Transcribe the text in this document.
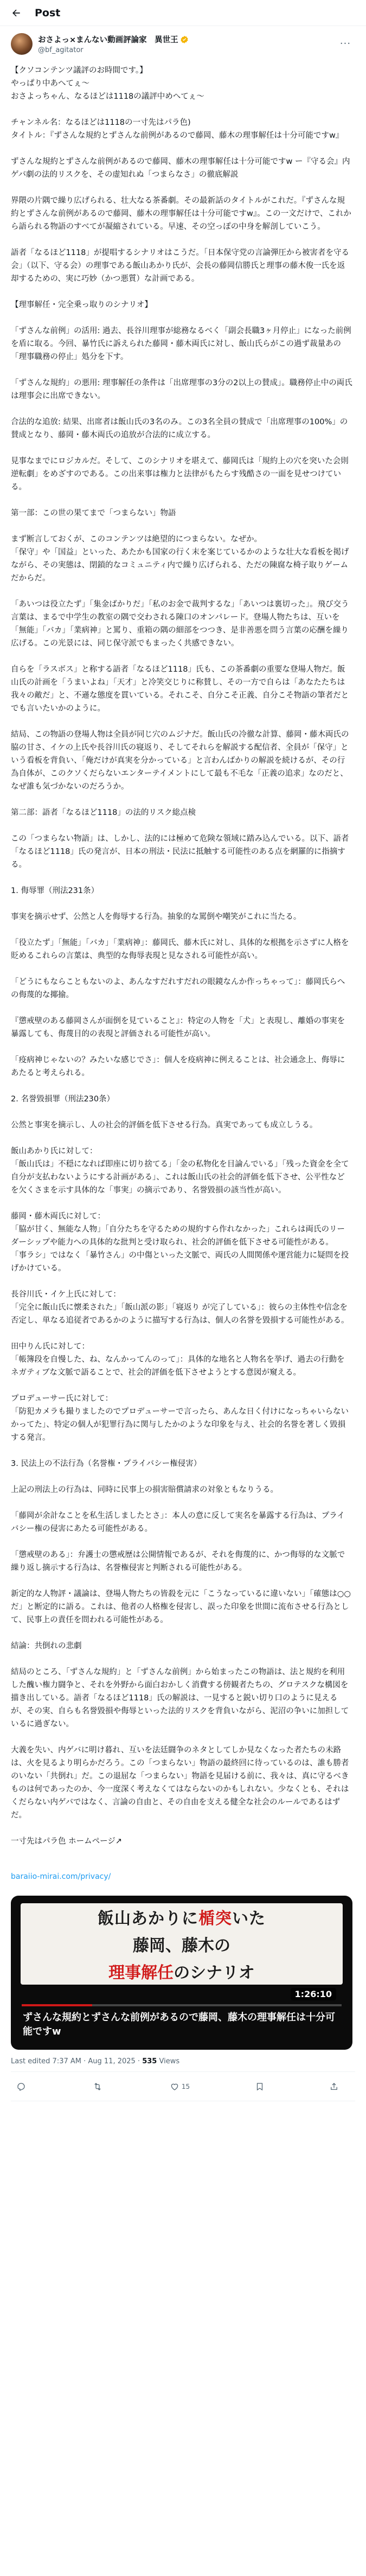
Post
おさよっ×まんない動画評論家　異世王
@bf_agitator
···
【クソコンテンツ議評のお時間です。】
やっぱり中あへてぇ〜
おさよっちゃん、なるほどは1118の議評中めへてぇ〜

チャンネル名：なるほどは1118の一寸先はパラ色)
タイトル：『ずさんな規約とずさんな前例があるので藤岡、藤木の理事解任は十分可能ですw』

ずさんな規約とずさんな前例があるので藤岡、藤木の理事解任は十分可能ですw ー『守る会』内ゲバ劇の法的リスクを、その虚知れぬ「つまらなさ」の徹底解説

界隈の片隅で繰り広げられる、壮大なる茶番劇。その最新話のタイトルがこれだ。『ずさんな規約とずさんな前例があるので藤岡、藤木の理事解任は十分可能ですw』。この一文だけで、これから語られる物語のすべてが凝縮されている。早速、その空っぽの中身を解剖していこう。

語者「なるほど1118」が提唱するシナリオはこうだ。「日本保守党の言論弾圧から被害者を守る会」（以下、守る会）の理事である飯山あかり氏が、会長の藤岡信勝氏と理事の藤木俊一氏を返却するための、実に巧妙（かつ悪質）な計画である。

【理事解任・完全乗っ取りのシナリオ】

「ずさんな前例」の活用: 過去、長谷川理事が総務なるべく「副会長職3ヶ月停止」になった前例を盾に取る。今回、暴竹氏に訴えられた藤岡・藤木両氏に対し、飯山氏らがこの過ず裁量あの「理事職務の停止」処分を下す。

「ずさんな規約」の悪用: 理事解任の条件は「出席理事の3分の2以上の賛成」。職務停止中の両氏は理事会に出席できない。

合法的な追放: 結果、出席者は飯山氏の3名のみ。この3名全員の賛成で「出席理事の100%」の賛成となり、藤岡・藤木両氏の追放が合法的に成立する。

見事なまでにロジカルだ。そして、このシナリオを堪えて、藤岡氏は「規約上の穴を突いた会則逆転劇」をめざすのである。この出来事は権力と法律がもたらす残酷さの一面を見せつけている。

第一部：この世の果てまで「つまらない」物語

まず断言しておくが、このコンテンツは絶望的につまらない。なぜか。
「保守」や「国益」といった、あたかも国家の行く末を案じているかのような壮大な看板を掲げながら、その実態は、閉鎖的なコミュニティ内で繰り広げられる、ただの陳腐な椅子取りゲームだからだ。

「あいつは役立たず」「集金ばかりだ」「私のお金で裁判するな」「あいつは裏切った」。飛び交う言葉は、まるで中学生の教室の隅で交わされる陳口のオンパレード。登場人物たちは、互いを「無能」「バカ」「業病神」と罵り、重箱の隅の細部をつつき、是非善悪を問う言葉の応酬を繰り広げる。この光景には、同じ保守派でもまったく共感できない。

自らを「ラスボス」と称する語者「なるほど1118」氏も、この茶番劇の重要な登場人物だ。飯山氏の計画を「うまいよね」「天才」と冷笑交じりに称賛し、その一方で自らは「あなたたちは我々の敵だ」と、不遜な態度を貫いている。それこそ、自分こそ正義、自分こそ物語の筆者だとでも言いたいかのように。

結局、この物語の登場人物は全員が同じ穴のムジナだ。飯山氏の冷徹な計算、藤岡・藤木両氏の脇の甘さ、イケの上氏や長谷川氏の寝返り、そしてそれらを解説する配信者、全員が「保守」という看板を背負い、「俺だけが真実を分かっている」と言わんばかりの解説を続けるが、その行為自体が、このクソくだらないエンターテイメントにして最も不毛な「正義の追求」なのだと、なぜ誰も気づかないのだろうか。

第二部：語者「なるほど1118」の法的リスク総点検

この「つまらない物語」は、しかし、法的には極めて危険な領域に踏み込んでいる。以下、語者「なるほど1118」氏の発言が、日本の刑法・民法に抵触する可能性のある点を網羅的に指摘する。

1. 侮辱罪（刑法231条）

事実を摘示せず、公然と人を侮辱する行為。抽象的な罵倒や嘲笑がこれに当たる。

「役立たず」「無能」「バカ」「業病神」：藤岡氏、藤木氏に対し、具体的な根拠を示さずに人格を貶めるこれらの言葉は、典型的な侮辱表現と見なされる可能性が高い。

「どうにもならこともないのよ、あんなすだれすだれの眼鏡なんか作っちゃって」：藤岡氏らへの侮蔑的な揶揄。

『懲戒壁のある藤岡さんが面倒を見ていること』：特定の人物を「犬」と表現し、離婚の事実を暴露しても、侮蔑目的の表現と評価される可能性が高い。

「疫病神じゃないの？みたいな感じでさ」：個人を疫病神に例えることは、社会通念上、侮辱にあたると考えられる。

2. 名誉毀損罪（刑法230条）

公然と事実を摘示し、人の社会的評価を低下させる行為。真実であっても成立しうる。

飯山あかり氏に対して：
「飯山氏は」不穏になれば即座に切り捨てる」「金の私物化を目論んでいる」「残った資金を全て自分が支払わないようにする計画がある」、これは飯山氏の社会的評価を低下させ、公平性などを欠くさまを示す具体的な「事実」の摘示であり、名誉毀損の該当性が高い。

藤岡・藤木両氏に対して：
「脇が甘く、無能な人物」「自分たちを守るための規約すら作れなかった」これらは両氏のリーダーシップや能力への具体的な批判と受け取られ、社会的評価を低下させる可能性がある。
「事ラシ」ではなく「暴竹さん」の中傷といった文脈で、両氏の人間関係や運営能力に疑問を投げかけている。

長谷川氏・イケ上氏に対して：
「完全に飯山氏に懐柔された」「飯山派の影」「寝返り が完了している」：彼らの主体性や信念を否定し、単なる追従者であるかのように描写する行為は、個人の名誉を毀損する可能性がある。

田中りん氏に対して：
「帳簿段を自慢した、ね、なんかってんのって」：具体的な地名と人物名を挙げ、過去の行動をネガティブな文脈で語ることで、社会的評価を低下させようとする意図が窺える。

プロデューサー氏に対して：
「防犯カメラも撮りましたのでプロデューサーで言ったら、あんな日く付けになっちゃいらないかってた」、特定の個人が犯罪行為に関与したかのような印象を与え、社会的名誉を著しく毀損する発言。

3. 民法上の不法行為（名誉権・プライバシー権侵害）

上記の刑法上の行為は、同時に民事上の損害賠償請求の対象ともなりうる。

「藤岡が余計なことを私生活しましたとさ」：本人の意に反して実名を暴露する行為は、プライバシー権の侵害にあたる可能性がある。

「懲戒壁のある」：弁護士の懲戒歴は公開情報であるが、それを侮蔑的に、かつ侮辱的な文脈で繰り返し摘示する行為は、名誉権侵害と判断される可能性がある。

新定的な人物評・議論は、登場人物たちの皆殺を元に「こうなっているに違いない」「確態は○○だ」と断定的に語る。これは、他者の人格権を侵害し、誤った印象を世間に流布させる行為として、民事上の責任を問われる可能性がある。

結論：共倒れの悲劇

結局のところ、「ずさんな規約」と「ずさんな前例」から始まったこの物語は、法と規約を利用した醜い権力闘争と、それを外野から面白おかしく消費する傍観者たちの、グロテスクな構図を描き出している。語者「なるほど1118」氏の解説は、一見すると鋭い切り口のように見えるが、その実、自らも名誉毀損や侮辱といった法的リスクを背負いながら、泥沼の争いに加担しているに過ぎない。

大義を失い、内ゲバに明け暮れ、互いを法廷闘争のネタとしてしか見なくなった者たちの未路は、火を見るより明らかだろう。この「つまらない」物語の最終回に待っているのは、誰も勝者のいない「共倒れ」だ。この退屈な「つまらない」物語を見届ける前に、我々は、真に守るべきものは何であったのか、今一度深く考えなくてはならないのかもしれない。少なくとも、それはくだらない内ゲバではなく、言論の自由と、その自由を支える健全な社会のルールであるはずだ。

一寸先はパラ色 ホームページ↗
baraiio-mirai.com/privacy/
飯山あかりに楯突いた
藤岡、藤木の
理事解任のシナリオ
1:26:10
ずさんな規約とずさんな前例があるので藤岡、藤木の理事解任は十分可能ですw
Last edited 7:37 AM · Aug 11, 2025 · 535 Views
15
